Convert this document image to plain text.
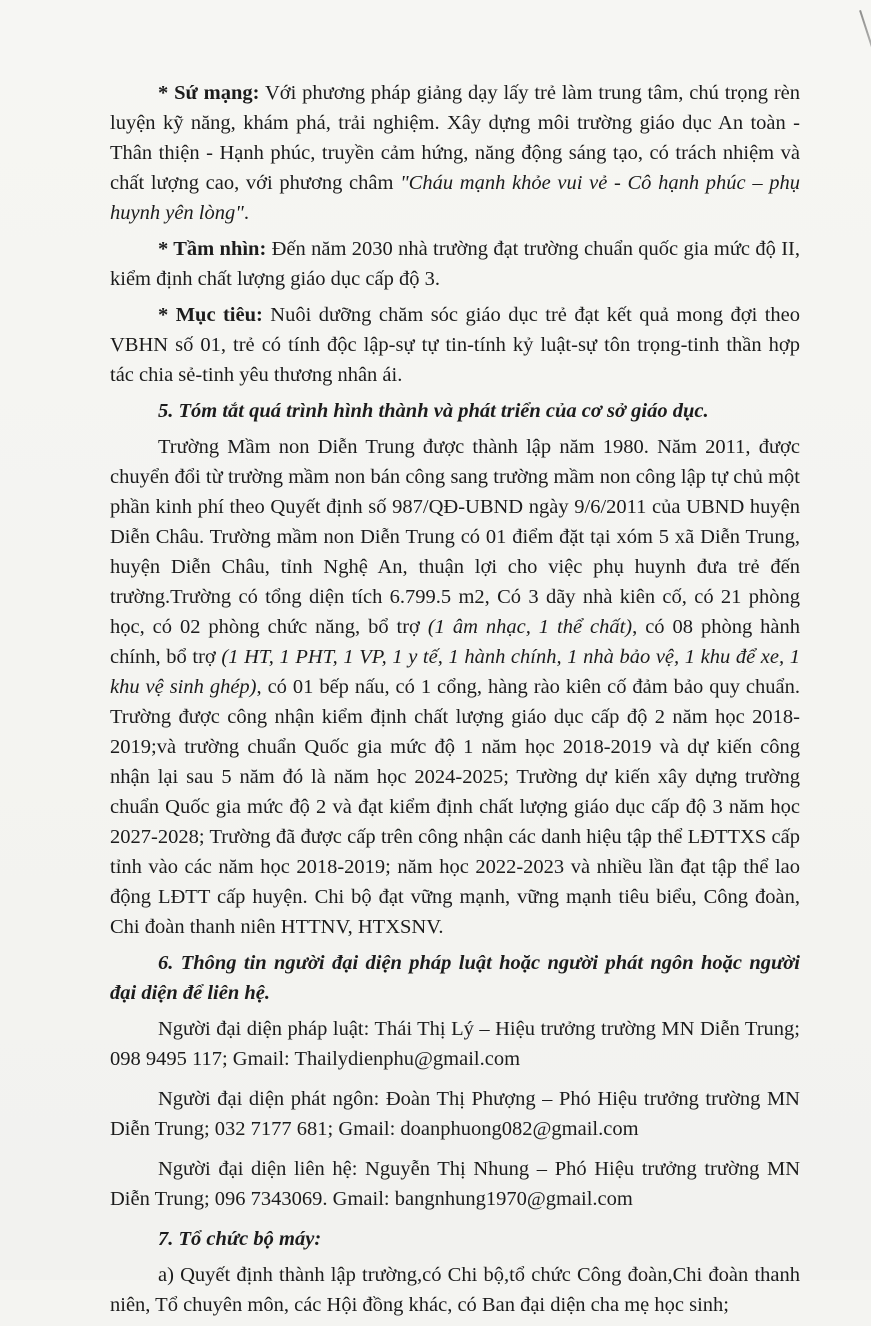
* Sứ mạng: Với phương pháp giảng dạy lấy trẻ làm trung tâm, chú trọng rèn luyện kỹ năng, khám phá, trải nghiệm. Xây dựng môi trường giáo dục An toàn - Thân thiện - Hạnh phúc, truyền cảm hứng, năng động sáng tạo, có trách nhiệm và chất lượng cao, với phương châm "Cháu mạnh khỏe vui vẻ - Cô hạnh phúc – phụ huynh yên lòng".

* Tầm nhìn: Đến năm 2030 nhà trường đạt trường chuẩn quốc gia mức độ II, kiểm định chất lượng giáo dục cấp độ 3.

* Mục tiêu: Nuôi dưỡng chăm sóc giáo dục trẻ đạt kết quả mong đợi theo VBHN số 01, trẻ có tính độc lập-sự tự tin-tính kỷ luật-sự tôn trọng-tinh thần hợp tác chia sẻ-tinh yêu thương nhân ái.

5. Tóm tắt quá trình hình thành và phát triển của cơ sở giáo dục.

Trường Mầm non Diễn Trung được thành lập năm 1980. Năm 2011, được chuyển đổi từ trường mầm non bán công sang trường mầm non công lập tự chủ một phần kinh phí theo Quyết định số 987/QĐ-UBND ngày 9/6/2011 của UBND huyện Diễn Châu. Trường mầm non Diễn Trung có 01 điểm đặt tại xóm 5 xã Diễn Trung, huyện Diễn Châu, tỉnh Nghệ An, thuận lợi cho việc phụ huynh đưa trẻ đến trường.Trường có tổng diện tích 6.799.5 m2, Có 3 dãy nhà kiên cố, có 21 phòng học, có 02 phòng chức năng, bổ trợ (1 âm nhạc, 1 thể chất), có 08 phòng hành chính, bổ trợ (1 HT, 1 PHT, 1 VP, 1 y tế, 1 hành chính, 1 nhà bảo vệ, 1 khu để xe, 1 khu vệ sinh ghép), có 01 bếp nấu, có 1 cổng, hàng rào kiên cố đảm bảo quy chuẩn. Trường được công nhận kiểm định chất lượng giáo dục cấp độ 2 năm học 2018-2019;và trường chuẩn Quốc gia mức độ 1 năm học 2018-2019 và dự kiến công nhận lại sau 5 năm đó là năm học 2024-2025; Trường dự kiến xây dựng trường chuẩn Quốc gia mức độ 2 và đạt kiểm định chất lượng giáo dục cấp độ 3 năm học 2027-2028; Trường đã được cấp trên công nhận các danh hiệu tập thể LĐTTXS cấp tỉnh vào các năm học 2018-2019; năm học 2022-2023 và nhiều lần đạt tập thể lao động LĐTT cấp huyện. Chi bộ đạt vững mạnh, vững mạnh tiêu biểu, Công đoàn, Chi đoàn thanh niên HTTNV, HTXSNV.

6. Thông tin người đại diện pháp luật hoặc người phát ngôn hoặc người đại diện để liên hệ.

Người đại diện pháp luật: Thái Thị Lý – Hiệu trưởng trường MN Diễn Trung; 098 9495 117; Gmail: Thailydienphu@gmail.com

Người đại diện phát ngôn: Đoàn Thị Phượng – Phó Hiệu trưởng trường MN Diễn Trung; 032 7177 681; Gmail: doanphuong082@gmail.com

Người đại diện liên hệ: Nguyễn Thị Nhung – Phó Hiệu trưởng trường MN Diễn Trung; 096 7343069. Gmail: bangnhung1970@gmail.com

7. Tổ chức bộ máy:

a) Quyết định thành lập trường,có Chi bộ,tổ chức Công đoàn,Chi đoàn thanh niên, Tổ chuyên môn, các Hội đồng khác, có Ban đại diện cha mẹ học sinh;
